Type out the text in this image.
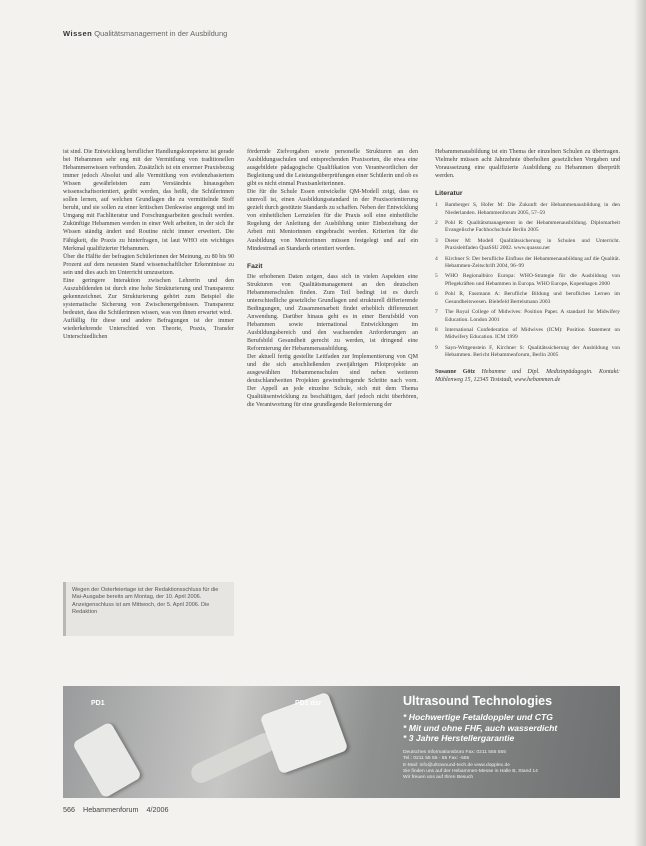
Wissen Qualitätsmanagement in der Ausbildung

ist sind. Die Entwicklung beruflicher Handlungskompetenz ist gerade bei Hebammen sehr eng mit der Vermittlung von traditionellen Hebammenwissen verbunden. Zusätzlich ist ein enormer Praxisbezug immer jedoch Absolut und alle Vermittlung von evidenzbasiertem Wissen gewährleisten zum Verständnis hinausgehen wissenschaftsorientiert, geübt werden, das heißt, die Schülerinnen sollen lernen, auf welchen Grundlagen die zu vermittelnde Stoff beruht, und sie sollen zu einer kritischen Denkweise angeregt und im Umgang mit Fachliteratur und Forschungsarbeiten geschult werden. Zukünftige Hebammen werden in einer Welt arbeiten, in der sich ihr Wissen ständig ändert und Routine nicht immer erweitert. Die Fähigkeit, die Praxis zu hinterfragen, ist laut WHO ein wichtiges Merkmal qualifizierter Hebammen.

Über die Hälfte der befragten Schülerinnen der Meinung, zu 80 bis 90 Prozent auf dem neuesten Stand wissenschaftlicher Erkenntnisse zu sein und dies auch im Unterricht umzusetzen.

Eine geringere Interaktion zwischen Lehrerin und den Auszubildenden ist durch eine hohe Strukturierung und Transparenz gekennzeichnet. Zur Strukturierung gehört zum Beispiel die systematische Sicherung von Zwischenergebnissen. Transparenz bedeutet, dass die Schülerinnen wissen, was von ihnen erwartet wird.

Auffällig für diese und andere Befragungen ist der immer wiederkehrende Unterschied von Theorie, Praxis, Transfer Unterschiedlichen

Wegen der Osterfeiertage ist der Redaktionsschluss für die Mai-Ausgabe bereits am Montag, der 10. April 2006. Anzeigenschluss ist am Mittwoch, der 5. April 2006. Die Redaktion

fördernde Zielvorgaben sowie personelle Strukturen an den Ausbildungsschulen und entsprechenden Praxisorten, die etwa eine ausgebildete pädagogische Qualifikation von Verantwortlichen der Begleitung und die Leistungsüberprüfungen einer Schülerin und ob es gibt es nicht einmal Praxisanleiterinnen.

Die für die Schule Essen entwickelte QM-Modell zeigt, dass es sinnvoll ist, einen Ausbildungsstandard in der Praxisorientierung gezielt durch gestützte Standards zu schaffen. Neben der Entwicklung von einheitlichen Lernzielen für die Praxis soll eine einheitliche Regelung der Anleitung der Ausbildung unter Einbeziehung der Arbeit mit Mentorinnen eingebracht werden. Kriterien für die Ausbildung von Mentorinnen müssen festgelegt und auf ein Mindestmaß an Standards orientiert werden.

Fazit

Die erhobenen Daten zeigen, dass sich in vielen Aspekten eine Strukturen von Qualitätsmanagement an den deutschen Hebammenschulen finden. Zum Teil bedingt ist es durch unterschiedliche gesetzliche Grundlagen und strukturell differierende Bedingungen, und Zusammenarbeit findet erheblich differenziert Anwendung. Darüber hinaus geht es in einer Berufsbild von Hebammen sowie international Entwicklungen im Ausbildungsbereich und den wachsenden Anforderungen an Berufsbild Gesundheit gerecht zu werden, ist dringend eine Reformierung der Hebammenausbildung.

Der aktuell fertig gestellte Leitfaden zur Implementierung von QM und die sich anschließenden zweijährigen Pilotprojekte an ausgewählten Hebammenschulen sind neben weiteren deutschlandweiten Projekten gewinnbringende Schritte nach vorn. Der Appell an jede einzelne Schule, sich mit dem Thema Qualitätsentwicklung zu beschäftigen, darf jedoch nicht überhören, die Verantwortung für eine grundlegende Reformierung der

Hebammenausbildung ist ein Thema der einzelnen Schulen zu übertragen. Vielmehr müssen acht Jahrzehnte überholten gesetzlichen Vorgaben und Voraussetzung eine qualifizierte Ausbildung zu Hebammen überprüft werden.

Literatur
1	Bamberger S, Hofer M: Die Zukunft der Hebammenausbildung in den Niederlanden. Hebammenforum 2005, 57–59
2	Pohl R: Qualitätsmanagement in der Hebammenausbildung. Diplomarbeit Evangelische Fachhochschule Berlin 2005
3	Dieter M: Modell Qualitätssicherung in Schulen und Unterricht. Praxisleitfaden QuaSSU 2002. www.quassu.net
4	Kirchner S: Der berufliche Einfluss der Hebammenausbildung auf die Qualität. Hebammen-Zeitschrift 2004, 96–99
5	WHO Regionalbüro Europa: WHO-Strategie für die Ausbildung von Pflegekräften und Hebammen in Europa. WHO Europe, Kopenhagen 2000
6	Pohl R, Fassmann A: Berufliche Bildung und berufliches Lernen im Gesundheitswesen. Bielefeld Bertelsmann 2003
7	The Royal College of Midwives: Position Paper. A standard for Midwifery Education. London 2001
8	International Confederation of Midwives (ICM): Position Statement on Midwifery Education. ICM 1999
9	Sayn-Wittgenstein F, Kirchner S: Qualitätssicherung der Ausbildung von Hebammen. Bericht Hebammenforum, Berlin 2005
Susanne Götz Hebamme und Dipl. Medizinpädagogin. Kontakt: Mühlenweg 15, 12345 Teststadt, www.hebammen.de
PD1	PD1 dsr	Ultrasound Technologies
* Hochwertige Fetaldoppler und CTG
* Mit und ohne FHF, auch wasserdicht
* 3 Jahre Herstellergarantie
Deutsches Informationsbüro Fax: 0211 555 555
Tel.: 0211 55 55 - 55 Fax: -555
E-Mail: info@ultrasound-tech.de www.dopplex.de
Sie finden uns auf der Hebammen-Messe in Halle B, Stand 14
Wir freuen uns auf Ihren Besuch
566 Hebammenforum 4/2006
